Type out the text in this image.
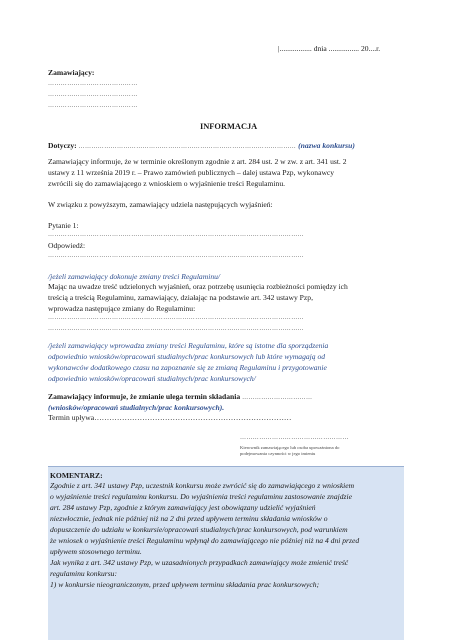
|................. dnia ................ 20....r.
Zamawiający:
……………………………………
……………………………………
……………………………………
INFORMACJA
Dotyczy: ………………………………………………………………………………………… (nazwa konkursu)
Zamawiający informuje, że w terminie określonym zgodnie z art. 284 ust. 2 w zw. z art. 341 ust. 2
ustawy z 11 września 2019 r. – Prawo zamówień publicznych – dalej ustawa Pzp, wykonawcy
zwrócili się do zamawiającego z wnioskiem o wyjaśnienie treści Regulaminu.
W związku z powyższym, zamawiający udziela następujących wyjaśnień:
Pytanie 1:
…………………………………………………………………………………………………………
Odpowiedź:
…………………………………………………………………………………………………………
/jeżeli zamawiający dokonuje zmiany treści Regulaminu/
Mając na uwadze treść udzielonych wyjaśnień, oraz potrzebę usunięcia rozbieżności pomiędzy ich
treścią a treścią Regulaminu, zamawiający, działając na podstawie art. 342 ustawy Pzp,
wprowadza następujące zmiany do Regulaminu:
…………………………………………………………………………………………………………
…………………………………………………………………………………………………………
/jeżeli zamawiający wprowadza zmiany treści Regulaminu, które są istotne dla sporządzenia
odpowiednio wniosków/opracowań studialnych/prac konkursowych lub które wymagają od
wykonawców dodatkowego czasu na zapoznanie się ze zmianą Regulaminu i przygotowanie
odpowiednio wniosków/opracowań studialnych/prac konkursowych/
Zamawiający informuje, że zmianie ulega termin składania ……………………………
(wniosków/opracowań studialnych/prac konkursowych).
Termin upływa……………………………………………………………………
……………………………………………
Kierownik zamawiającego lub osoba upoważniona do
podejmowania czynności w jego imieniu
KOMENTARZ:
Zgodnie z art. 341 ustawy Pzp, uczestnik konkursu może zwrócić się do zamawiającego z wnioskiem
o wyjaśnienie treści regulaminu konkursu. Do wyjaśnienia treści regulaminu zastosowanie znajdzie
art. 284 ustawy Pzp, zgodnie z którym zamawiający jest obowiązany udzielić wyjaśnień
niezwłocznie, jednak nie później niż na 2 dni przed upływem terminu składania wniosków o
dopuszczenie do udziału w konkursie/opracowań studialnych/prac konkursowych, pod warunkiem
że wniosek o wyjaśnienie treści Regulaminu wpłynął do zamawiającego nie później niż na 4 dni przed
upływem stosownego terminu.
Jak wynika z art. 342 ustawy Pzp, w uzasadnionych przypadkach zamawiający może zmienić treść
regulaminu konkursu:
1) w konkursie nieograniczonym, przed upływem terminu składania prac konkursowych;
